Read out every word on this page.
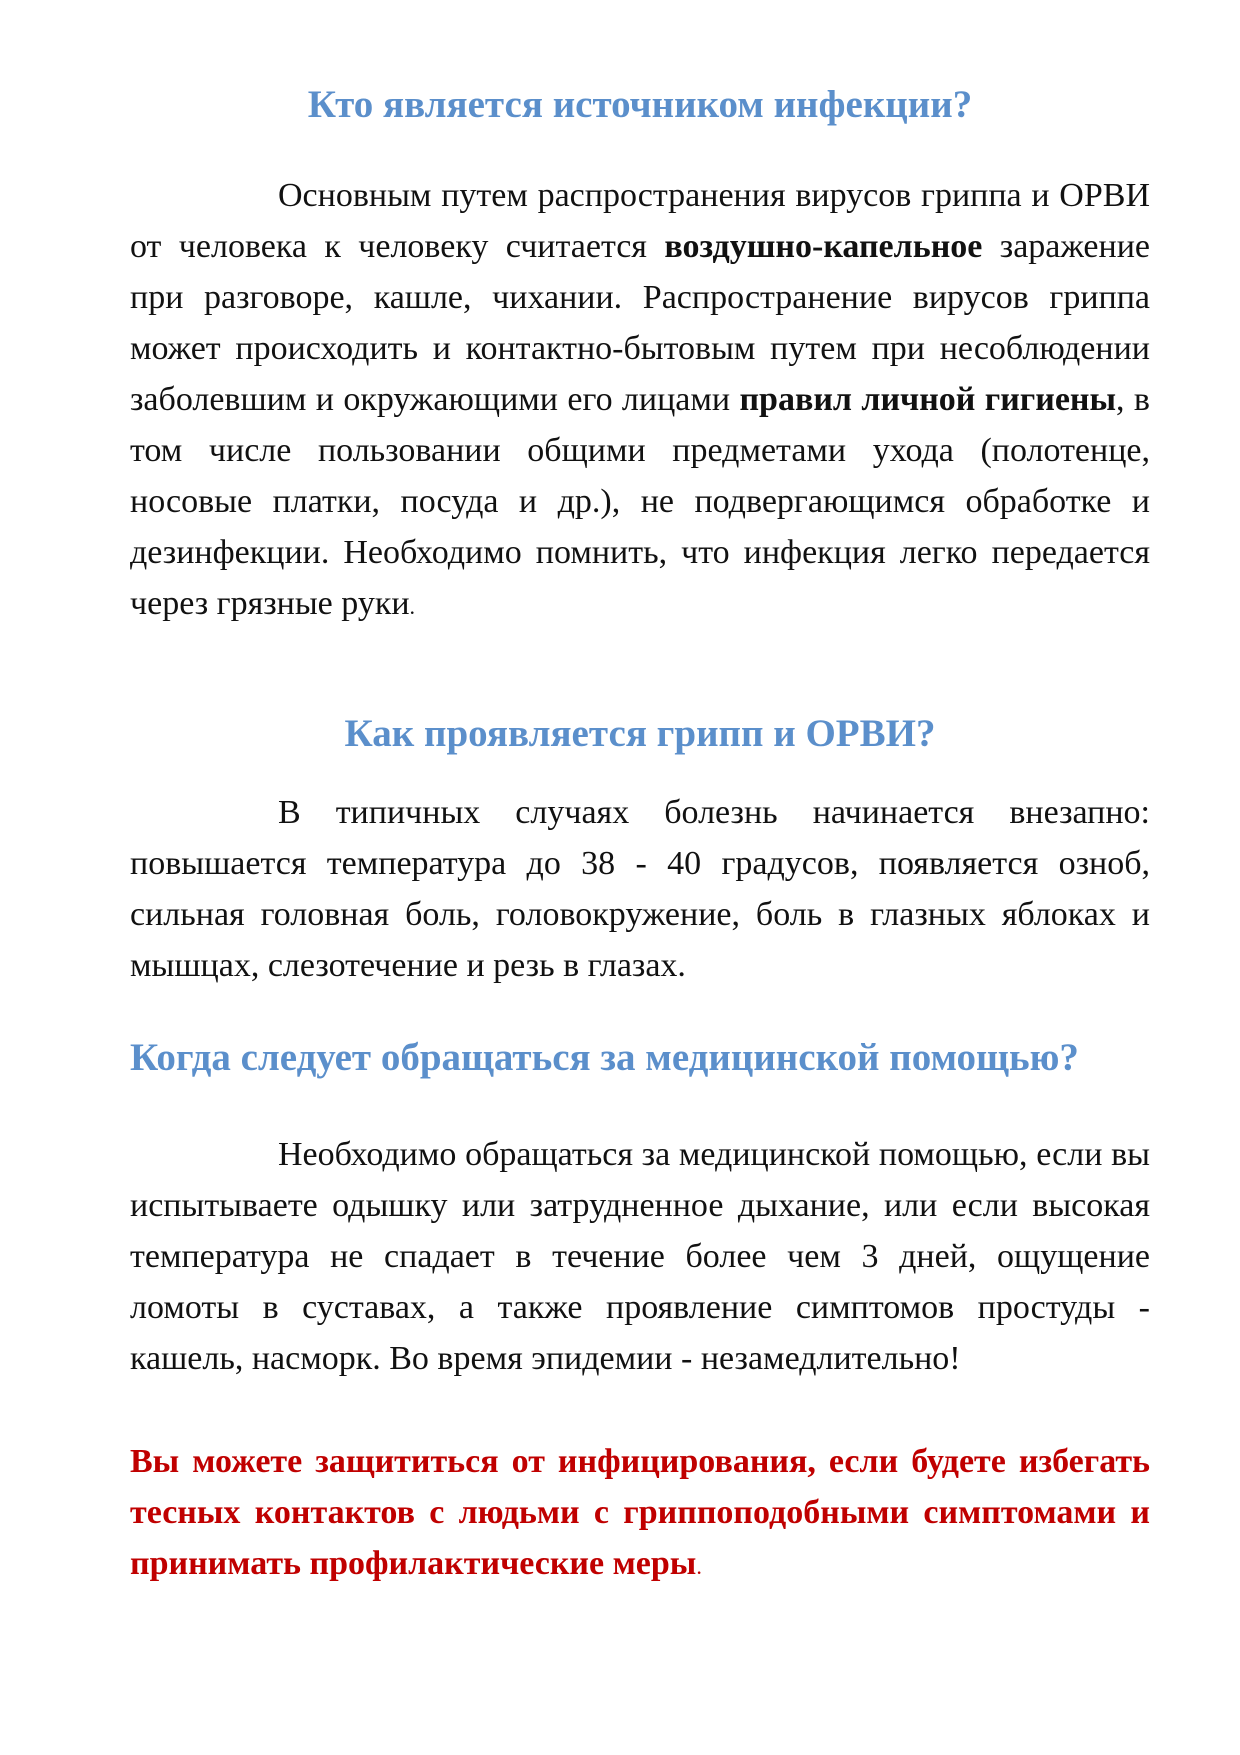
Кто является источником инфекции?

Основным путем распространения вирусов гриппа и ОРВИ от человека к человеку считается воздушно-капельное заражение при разговоре, кашле, чихании. Распространение вирусов гриппа может происходить и контактно-бытовым путем при несоблюдении заболевшим и окружающими его лицами правил личной гигиены, в том числе пользовании общими предметами ухода (полотенце, носовые платки, посуда и др.), не подвергающимся обработке и дезинфекции. Необходимо помнить, что инфекция легко передается через грязные руки.

Как проявляется грипп и ОРВИ?

В типичных случаях болезнь начинается внезапно: повышается температура до 38 - 40 градусов, появляется озноб, сильная головная боль, головокружение, боль в глазных яблоках и мышцах, слезотечение и резь в глазах.

Когда следует обращаться за медицинской помощью?

Необходимо обращаться за медицинской помощью, если вы испытываете одышку или затрудненное дыхание, или если высокая температура не спадает в течение более чем 3 дней, ощущение ломоты в суставах, а также проявление симптомов простуды - кашель, насморк. Во время эпидемии - незамедлительно!

Вы можете защититься от инфицирования, если будете избегать тесных контактов с людьми с гриппоподобными симптомами и принимать профилактические меры.
